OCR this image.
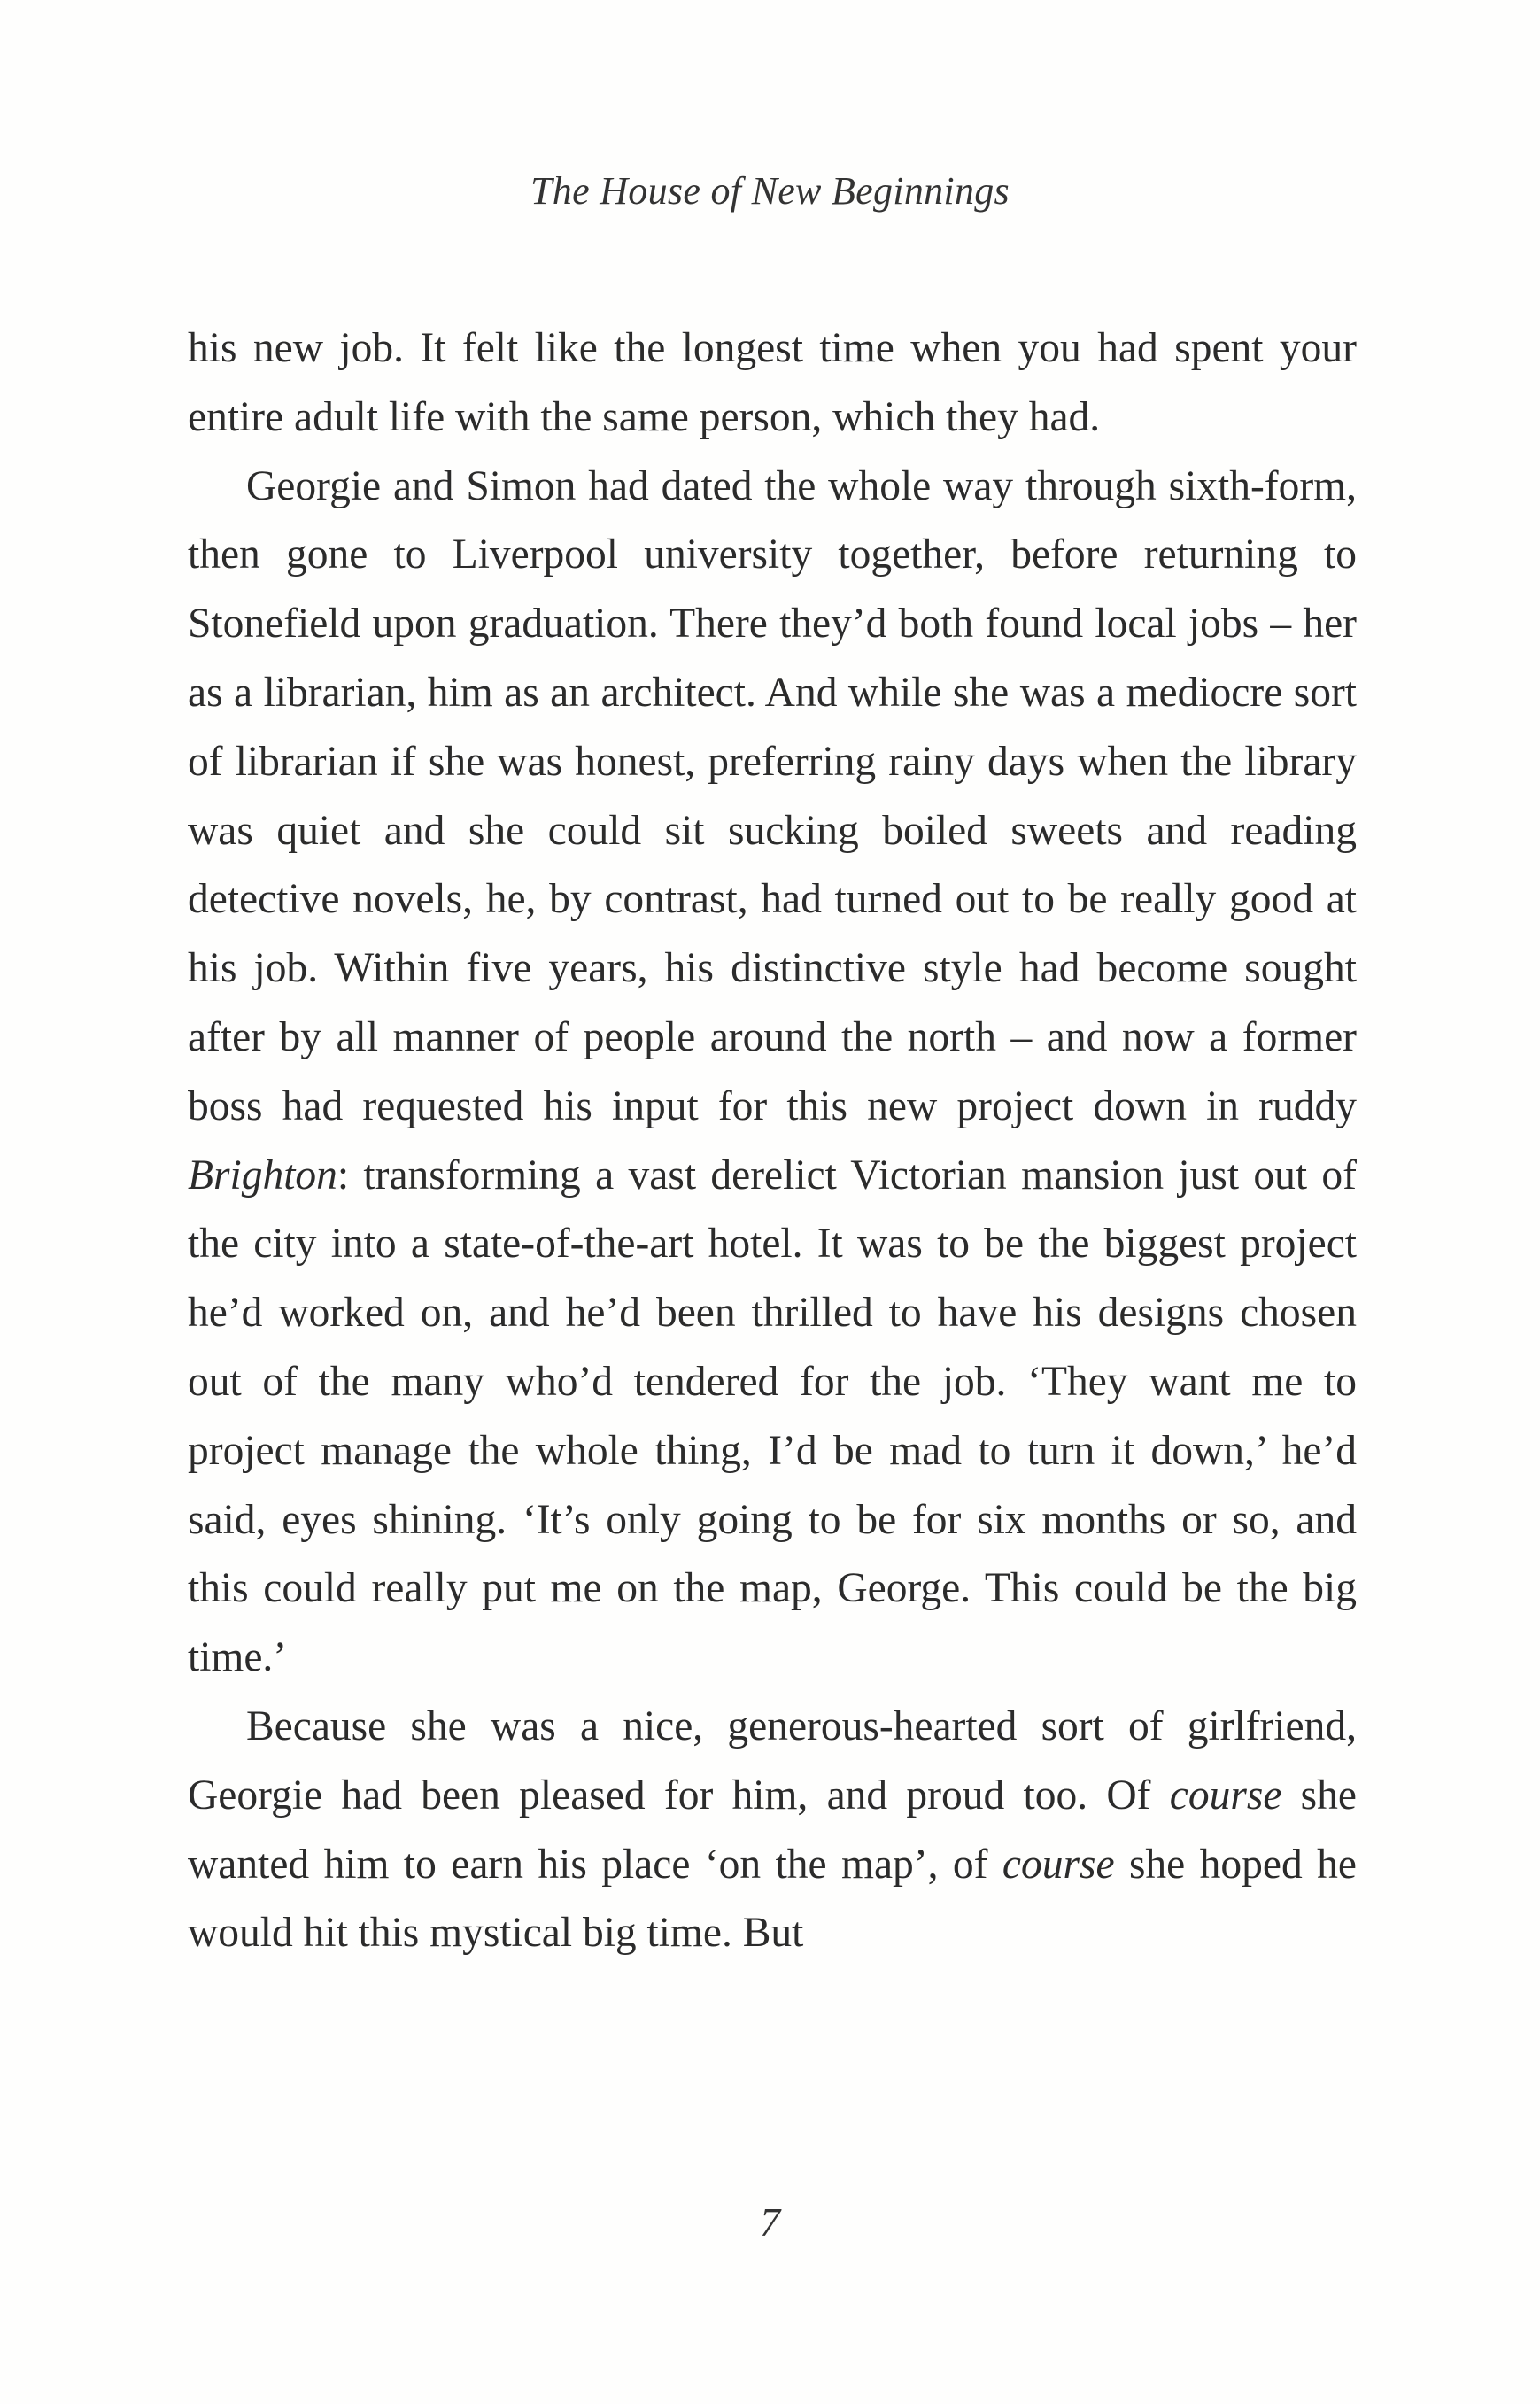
The House of New Beginnings

his new job. It felt like the longest time when you had spent your entire adult life with the same person, which they had.

Georgie and Simon had dated the whole way through sixth-form, then gone to Liverpool university together, before returning to Stonefield upon graduation. There they’d both found local jobs – her as a librarian, him as an architect. And while she was a mediocre sort of librarian if she was honest, preferring rainy days when the library was quiet and she could sit sucking boiled sweets and reading detective novels, he, by contrast, had turned out to be really good at his job. Within five years, his distinctive style had become sought after by all manner of people around the north – and now a former boss had requested his input for this new project down in ruddy Brighton: transforming a vast derelict Victorian mansion just out of the city into a state-of-the-art hotel. It was to be the biggest project he’d worked on, and he’d been thrilled to have his designs chosen out of the many who’d tendered for the job. ‘They want me to project manage the whole thing, I’d be mad to turn it down,’ he’d said, eyes shining. ‘It’s only going to be for six months or so, and this could really put me on the map, George. This could be the big time.’

Because she was a nice, generous-hearted sort of girlfriend, Georgie had been pleased for him, and proud too. Of course she wanted him to earn his place ‘on the map’, of course she hoped he would hit this mystical big time. But

7
